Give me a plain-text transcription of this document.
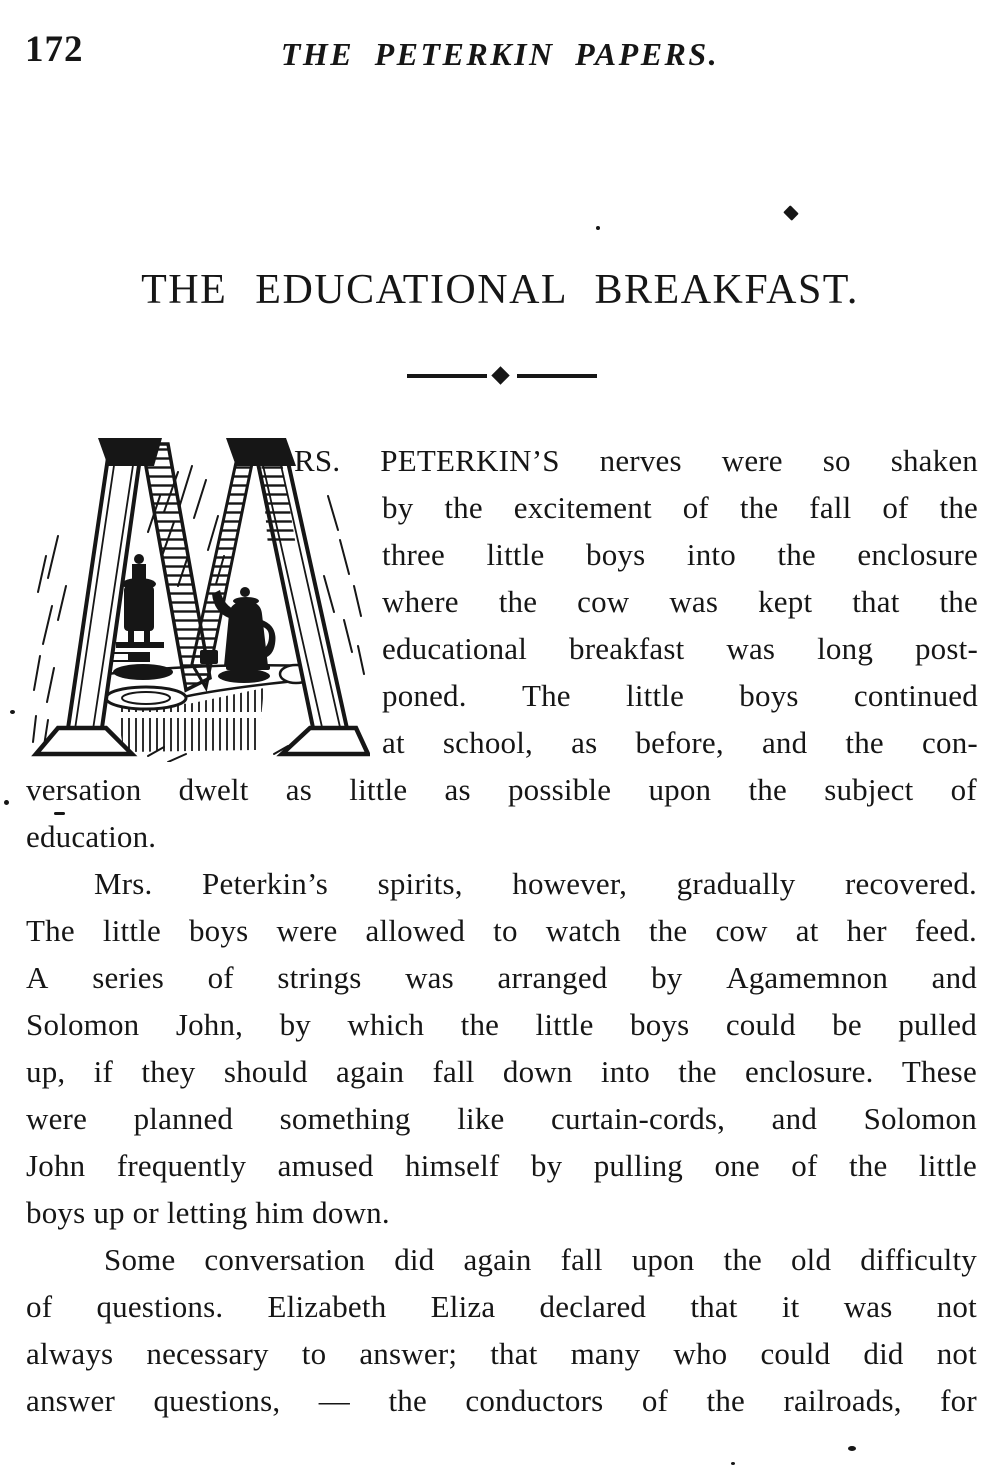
172	THE PETERKIN PAPERS.
THE EDUCATIONAL BREAKFAST.
RS. PETERKIN’S nerves were so shaken
by the excitement of the fall of the
three little boys into the enclosure
where the cow was kept that the
educational breakfast was long post-
poned. The little boys continued
at school, as before, and the con-
versation dwelt as little as possible upon the subject of
education.
Mrs. Peterkin’s spirits, however, gradually recovered.
The little boys were allowed to watch the cow at her feed.
A series of strings was arranged by Agamemnon and
Solomon John, by which the little boys could be pulled
up, if they should again fall down into the enclosure. These
were planned something like curtain-cords, and Solomon
John frequently amused himself by pulling one of the little
boys up or letting him down.
Some conversation did again fall upon the old difficulty
of questions. Elizabeth Eliza declared that it was not
always necessary to answer; that many who could did not
answer questions, — the conductors of the railroads, for
